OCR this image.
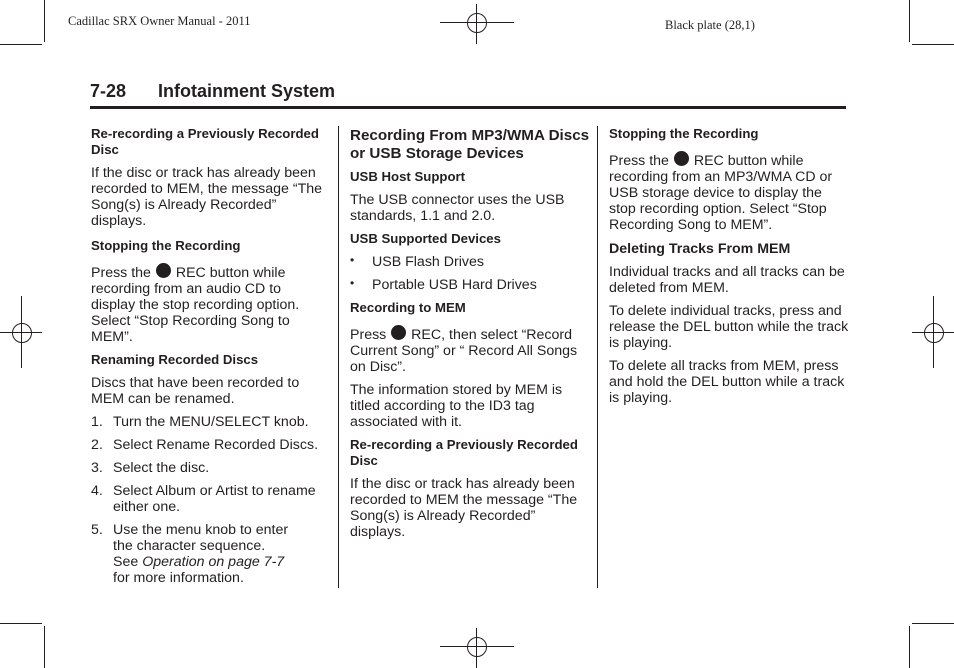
Cadillac SRX Owner Manual - 2011	Black plate (28,1)
7-28 Infotainment System
Re-recording a Previously Recorded Disc
If the disc or track has already been recorded to MEM, the message “The Song(s) is Already Recorded” displays.
Stopping the Recording
Press the REC button while recording from an audio CD to display the stop recording option. Select “Stop Recording Song to MEM”.
Renaming Recorded Discs
Discs that have been recorded to MEM can be renamed.
1. Turn the MENU/SELECT knob.
2. Select Rename Recorded Discs.
3. Select the disc.
4. Select Album or Artist to rename either one.
5. Use the menu knob to enter the character sequence.
See Operation on page 7-7
for more information.
Recording From MP3/WMA Discs or USB Storage Devices
USB Host Support
The USB connector uses the USB standards, 1.1 and 2.0.
USB Supported Devices
• USB Flash Drives
• Portable USB Hard Drives
Recording to MEM
Press REC, then select “Record Current Song” or “ Record All Songs on Disc”.
The information stored by MEM is titled according to the ID3 tag associated with it.
Re-recording a Previously Recorded Disc
If the disc or track has already been recorded to MEM the message “The Song(s) is Already Recorded” displays.
Stopping the Recording
Press the REC button while recording from an MP3/WMA CD or USB storage device to display the stop recording option. Select “Stop Recording Song to MEM”.
Deleting Tracks From MEM
Individual tracks and all tracks can be deleted from MEM.
To delete individual tracks, press and release the DEL button while the track is playing.
To delete all tracks from MEM, press and hold the DEL button while a track is playing.
